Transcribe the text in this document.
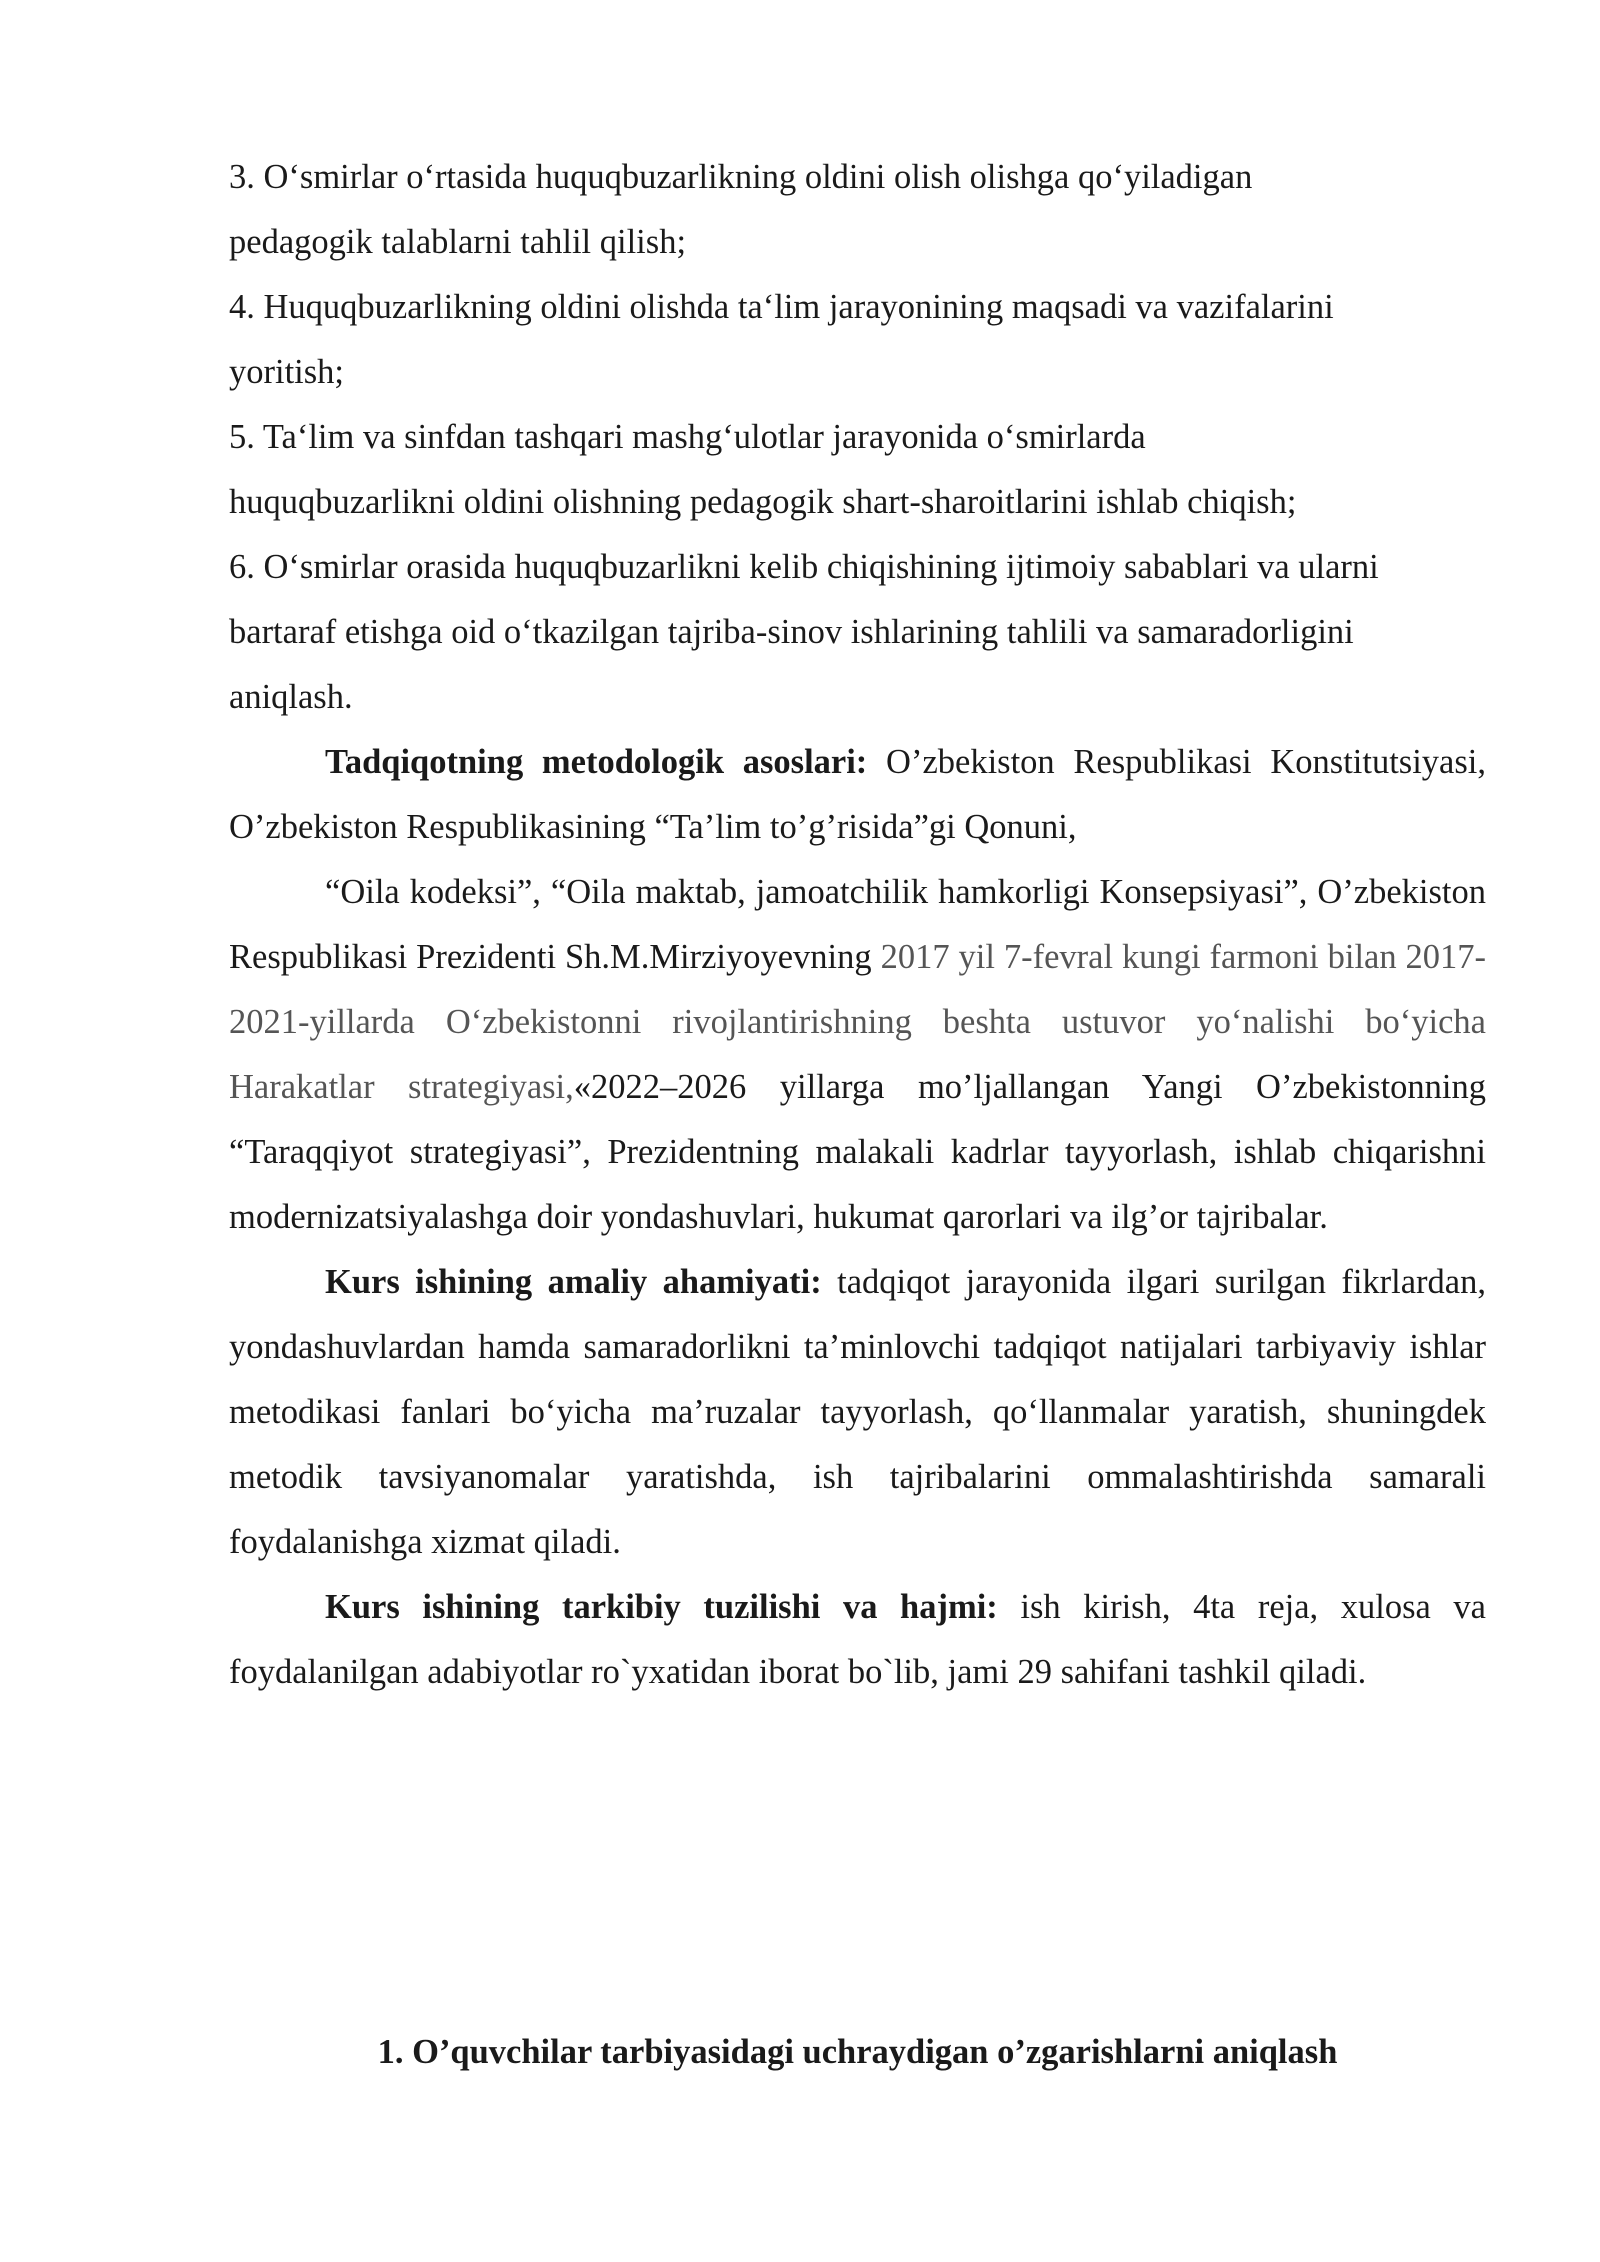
3. O‘smirlar o‘rtasida huquqbuzarlikning oldini olish olishga qo‘yiladigan
pedagogik talablarni tahlil qilish;
4. Huquqbuzarlikning oldini olishda ta‘lim jarayonining maqsadi va vazifalarini
yoritish;
5. Ta‘lim va sinfdan tashqari mashg‘ulotlar jarayonida o‘smirlarda
huquqbuzarlikni oldini olishning pedagogik shart-sharoitlarini ishlab chiqish;
6. O‘smirlar orasida huquqbuzarlikni kelib chiqishining ijtimoiy sabablari va ularni
bartaraf etishga oid o‘tkazilgan tajriba-sinov ishlarining tahlili va samaradorligini
aniqlash.

Tadqiqotning metodologik asoslari: O’zbekiston Respublikasi Konstitutsiyasi, O’zbekiston Respublikasining “Ta’lim to’g’risida”gi Qonuni,

“Oila kodeksi”, “Oila maktab, jamoatchilik hamkorligi Konsepsiyasi”, O’zbekiston Respublikasi Prezidenti Sh.M.Mirziyoyevning 2017 yil 7-fevral kungi farmoni bilan 2017-2021-yillarda O‘zbekistonni rivojlantirishning beshta ustuvor yo‘nalishi bo‘yicha Harakatlar strategiyasi,«2022–2026 yillarga mo’ljallangan Yangi O’zbekistonning “Taraqqiyot strategiyasi”, Prezidentning malakali kadrlar tayyorlash, ishlab chiqarishni modernizatsiyalashga doir yondashuvlari, hukumat qarorlari va ilg’or tajribalar.

Kurs ishining amaliy ahamiyati: tadqiqot jarayonida ilgari surilgan fikrlardan, yondashuvlardan hamda samaradorlikni ta’minlovchi tadqiqot natijalari tarbiyaviy ishlar metodikasi fanlari bo‘yicha ma’ruzalar tayyorlash, qo‘llanmalar yaratish, shuningdek metodik tavsiyanomalar yaratishda, ish tajribalarini ommalashtirishda samarali foydalanishga xizmat qiladi.

Kurs ishining tarkibiy tuzilishi va hajmi: ish kirish, 4ta reja, xulosa va foydalanilgan adabiyotlar ro`yxatidan iborat bo`lib, jami 29 sahifani tashkil qiladi.

1. O’quvchilar tarbiyasidagi uchraydigan o’zgarishlarni aniqlash
